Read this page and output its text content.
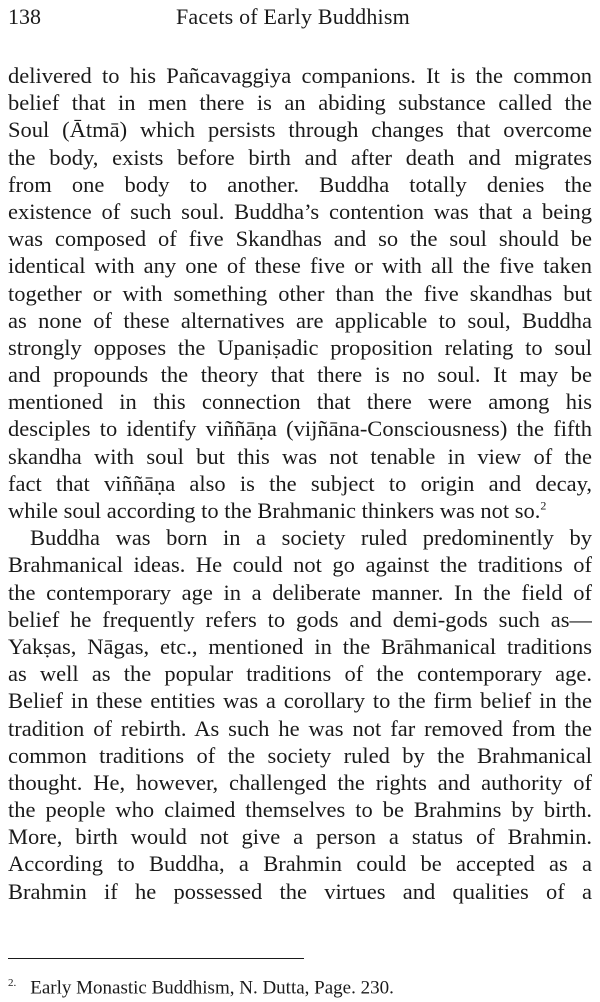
138	Facets of Early Buddhism
delivered to his Pañcavaggiya companions. It is the common
belief that in men there is an abiding substance called the
Soul (Ātmā) which persists through changes that overcome
the body, exists before birth and after death and migrates
from one body to another. Buddha totally denies the
existence of such soul. Buddha’s contention was that a being
was composed of five Skandhas and so the soul should be
identical with any one of these five or with all the five taken
together or with something other than the five skandhas but
as none of these alternatives are applicable to soul, Buddha
strongly opposes the Upaniṣadic proposition relating to soul
and propounds the theory that there is no soul. It may be
mentioned in this connection that there were among his
desciples to identify viññāṇa (vijñāna-Consciousness) the fifth
skandha with soul but this was not tenable in view of the
fact that viññāṇa also is the subject to origin and decay,
while soul according to the Brahmanic thinkers was not so.$^2$
Buddha was born in a society ruled predominently by
Brahmanical ideas. He could not go against the traditions of
the contemporary age in a deliberate manner. In the field of
belief he frequently refers to gods and demi-gods such as—
Yakṣas, Nāgas, etc., mentioned in the Brāhmanical traditions
as well as the popular traditions of the contemporary age.
Belief in these entities was a corollary to the firm belief in the
tradition of rebirth. As such he was not far removed from the
common traditions of the society ruled by the Brahmanical
thought. He, however, challenged the rights and authority of
the people who claimed themselves to be Brahmins by birth.
More, birth would not give a person a status of Brahmin.
According to Buddha, a Brahmin could be accepted as a
Brahmin if he possessed the virtues and qualities of a
$^{2.}$ Early Monastic Buddhism, N. Dutta, Page. 230.
